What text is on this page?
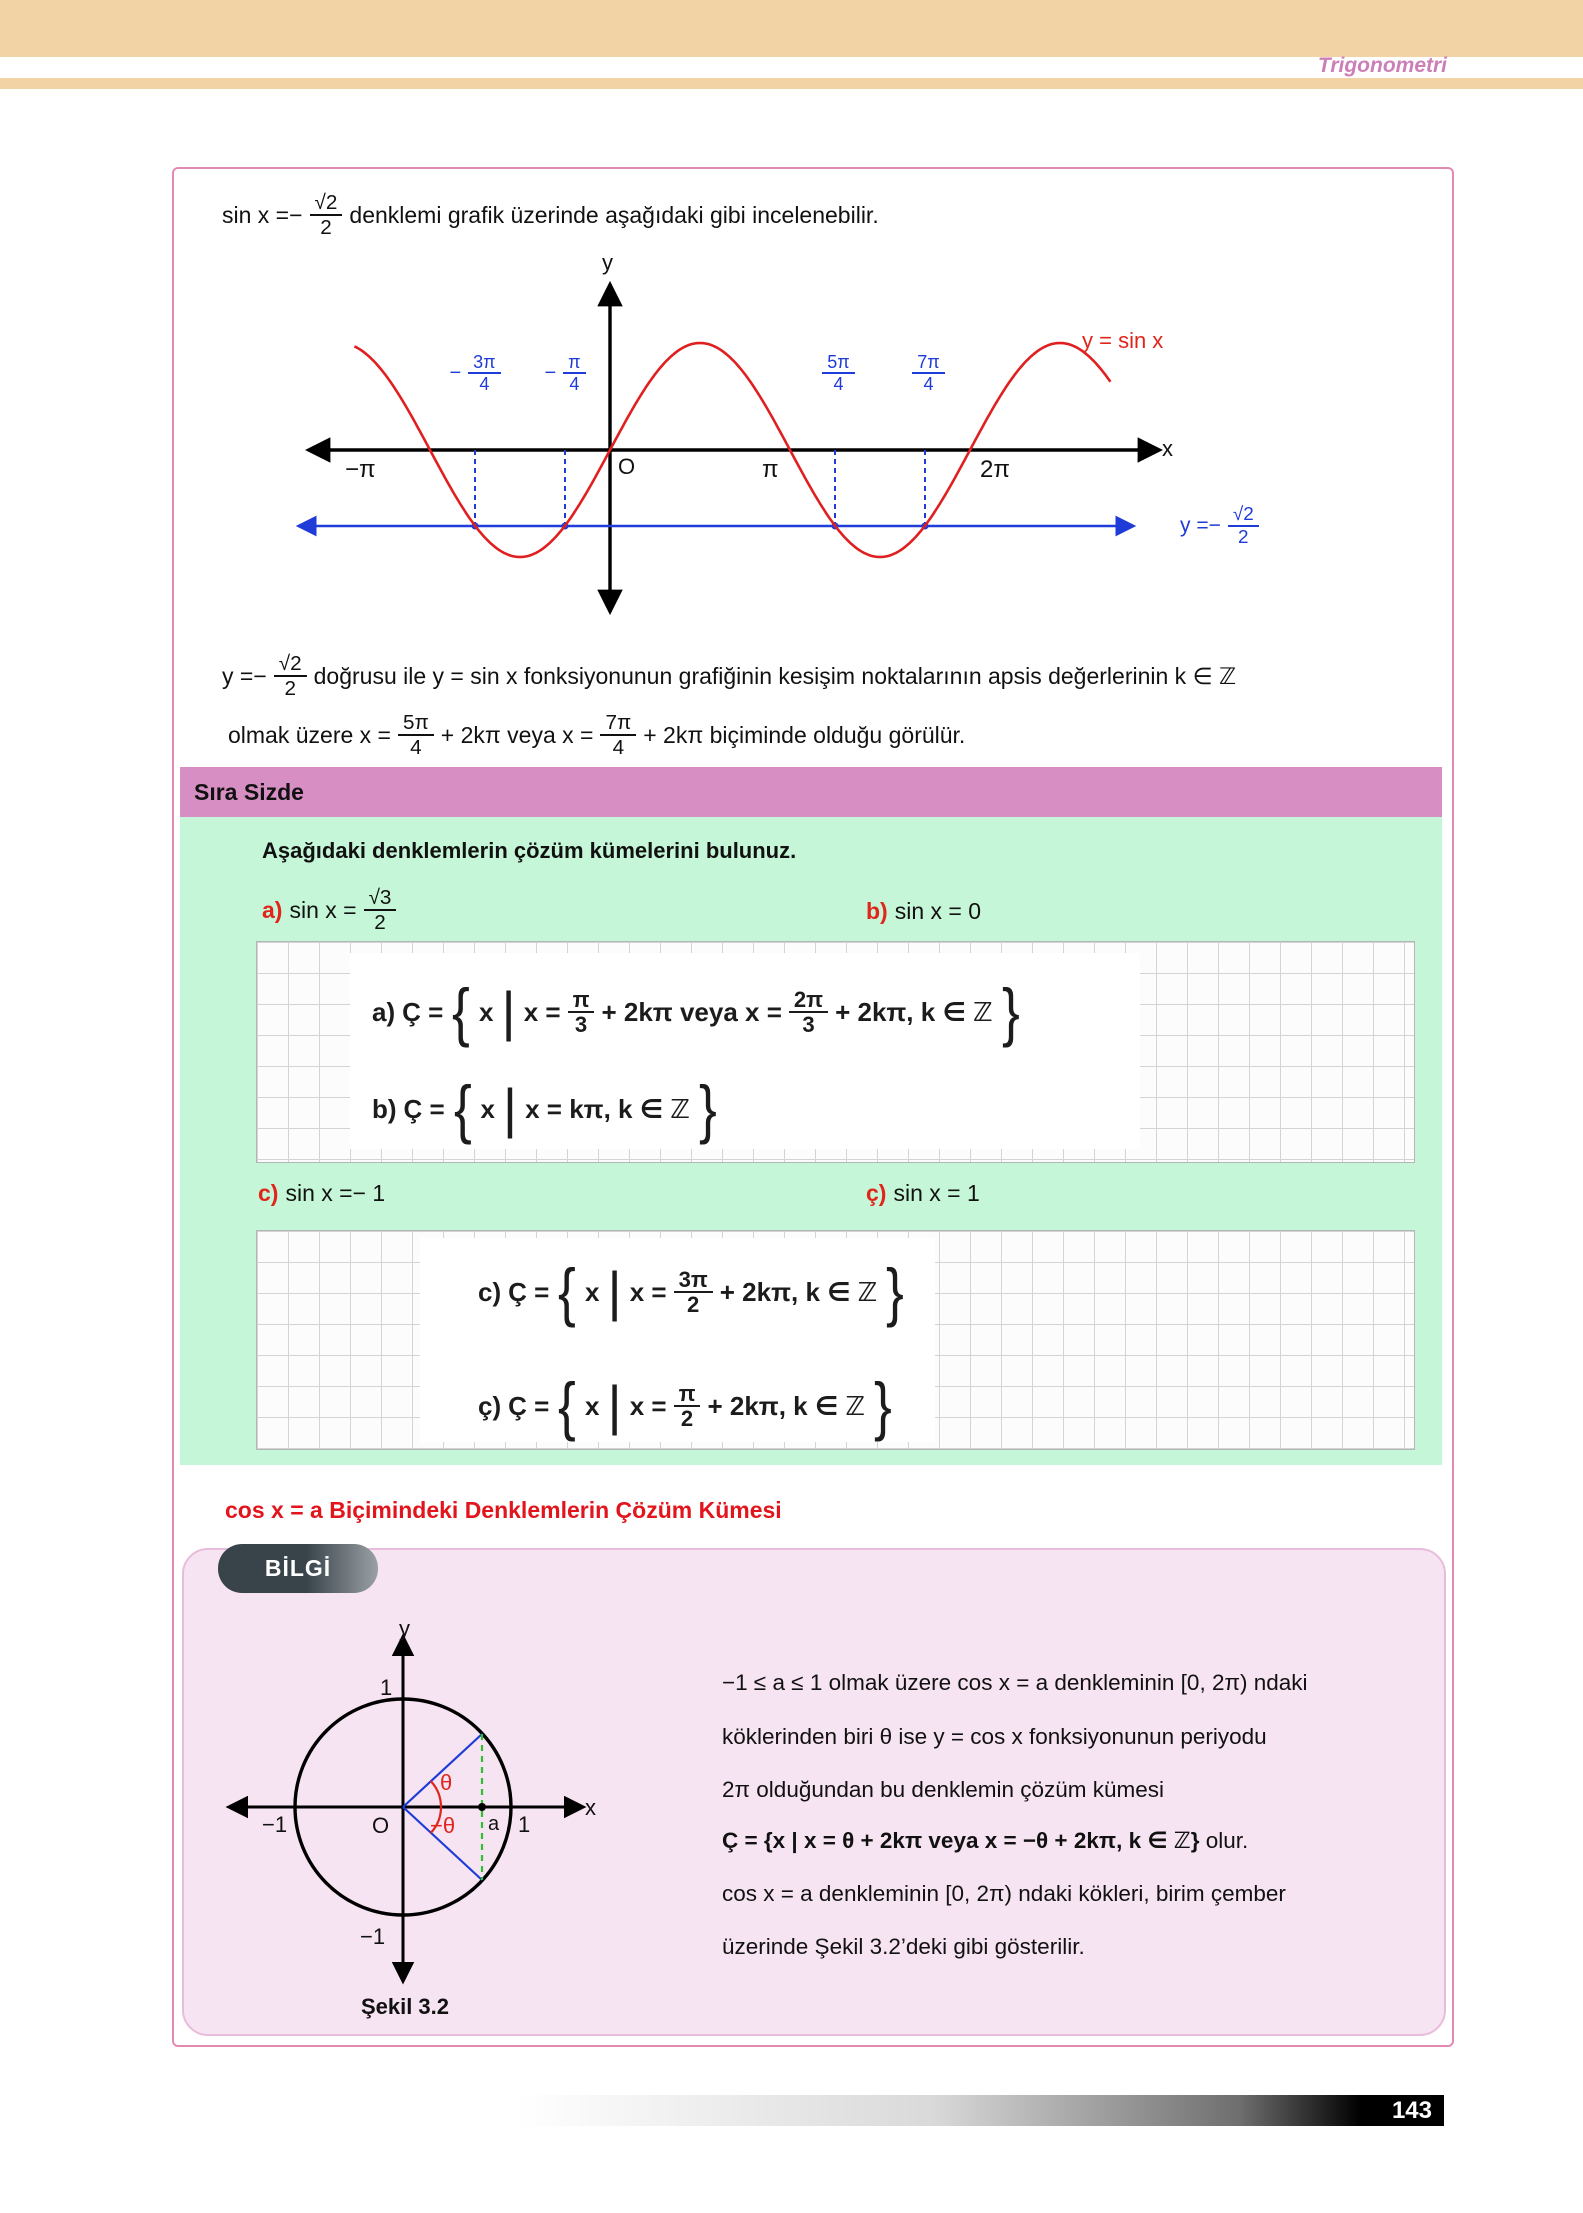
Trigonometri
$\sin x =- \frac{√2}{2}$ denklemi grafik üzerinde aşağıdaki gibi incelenebilir.
y
x
O
−π	π	2π
− $\frac{3\pi}{4} - \frac{\pi}{4}$	$\frac{5\pi}{4}$	$\frac{7\pi}{4}$
y = sin x
$y =- \frac{√2}{2}$
$y =- \frac{√2}{2}$ doğrusu ile y = sin x fonksiyonunun grafiğinin kesişim noktalarının apsis değerlerinin k ∈ ℤ
olmak üzere $x = \frac{5\pi}{4} + 2k\pi$ veya $x = \frac{7\pi}{4} + 2k\pi$ biçiminde olduğu görülür.
Sıra Sizde
Aşağıdaki denklemlerin çözüm kümelerini bulunuz.
a) $\sin x = \frac{√3}{2}$	b) sin x = 0
a) Ç = { x | $x = \frac{\pi}{3} + 2k\pi$ veya $x = \frac{2\pi}{3} + 2k\pi$, k ∈ ℤ }
b) Ç = { x | x = kπ, k ∈ ℤ }
c) sin x =− 1	ç) sin x = 1
c) Ç = { x | $x = \frac{3\pi}{2} + 2k\pi$, k ∈ ℤ }
ç) Ç = { x | $x = \frac{\pi}{2} + 2k\pi$, k ∈ ℤ }
cos x = a Biçimindeki Denklemlerin Çözüm Kümesi
BİLGİ
y
x
1
−1	1
−1
O	a
θ
−θ
Şekil 3.2
−1 ≤ a ≤ 1 olmak üzere cos x = a denkleminin [0, 2π) ndaki
köklerinden biri θ ise y = cos x fonksiyonunun periyodu
2π olduğundan bu denklemin çözüm kümesi
Ç = {x | x = θ + 2kπ veya x = −θ + 2kπ, k ∈ ℤ} olur.
cos x = a denkleminin [0, 2π) ndaki kökleri, birim çember
üzerinde Şekil 3.2’deki gibi gösterilir.
143
